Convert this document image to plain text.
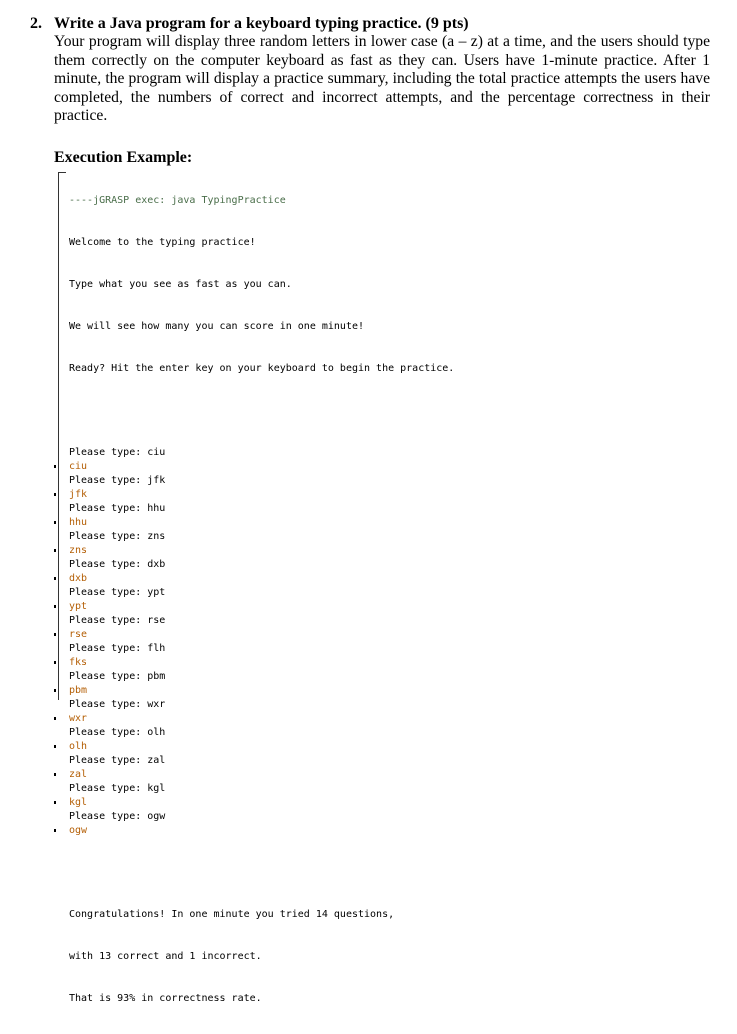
2. Write a Java program for a keyboard typing practice. (9 pts)
Your program will display three random letters in lower case (a – z) at a time, and the users should type them correctly on the computer keyboard as fast as they can. Users have 1-minute practice. After 1 minute, the program will display a practice summary, including the total practice attempts the users have completed, the numbers of correct and incorrect attempts, and the percentage correctness in their practice.
Execution Example:

----jGRASP exec: java TypingPractice

Welcome to the typing practice!

Type what you see as fast as you can.

We will see how many you can score in one minute!

Ready? Hit the enter key on your keyboard to begin the practice.

Please type: ciu
ciu
Please type: jfk
jfk
Please type: hhu
hhu
Please type: zns
zns
Please type: dxb
dxb
Please type: ypt
ypt
Please type: rse
rse
Please type: flh
fks
Please type: pbm
pbm
Please type: wxr
wxr
Please type: olh
olh
Please type: zal
zal
Please type: kgl
kgl
Please type: ogw
ogw

Congratulations! In one minute you tried 14 questions,

with 13 correct and 1 incorrect.

That is 93% in correctness rate.
